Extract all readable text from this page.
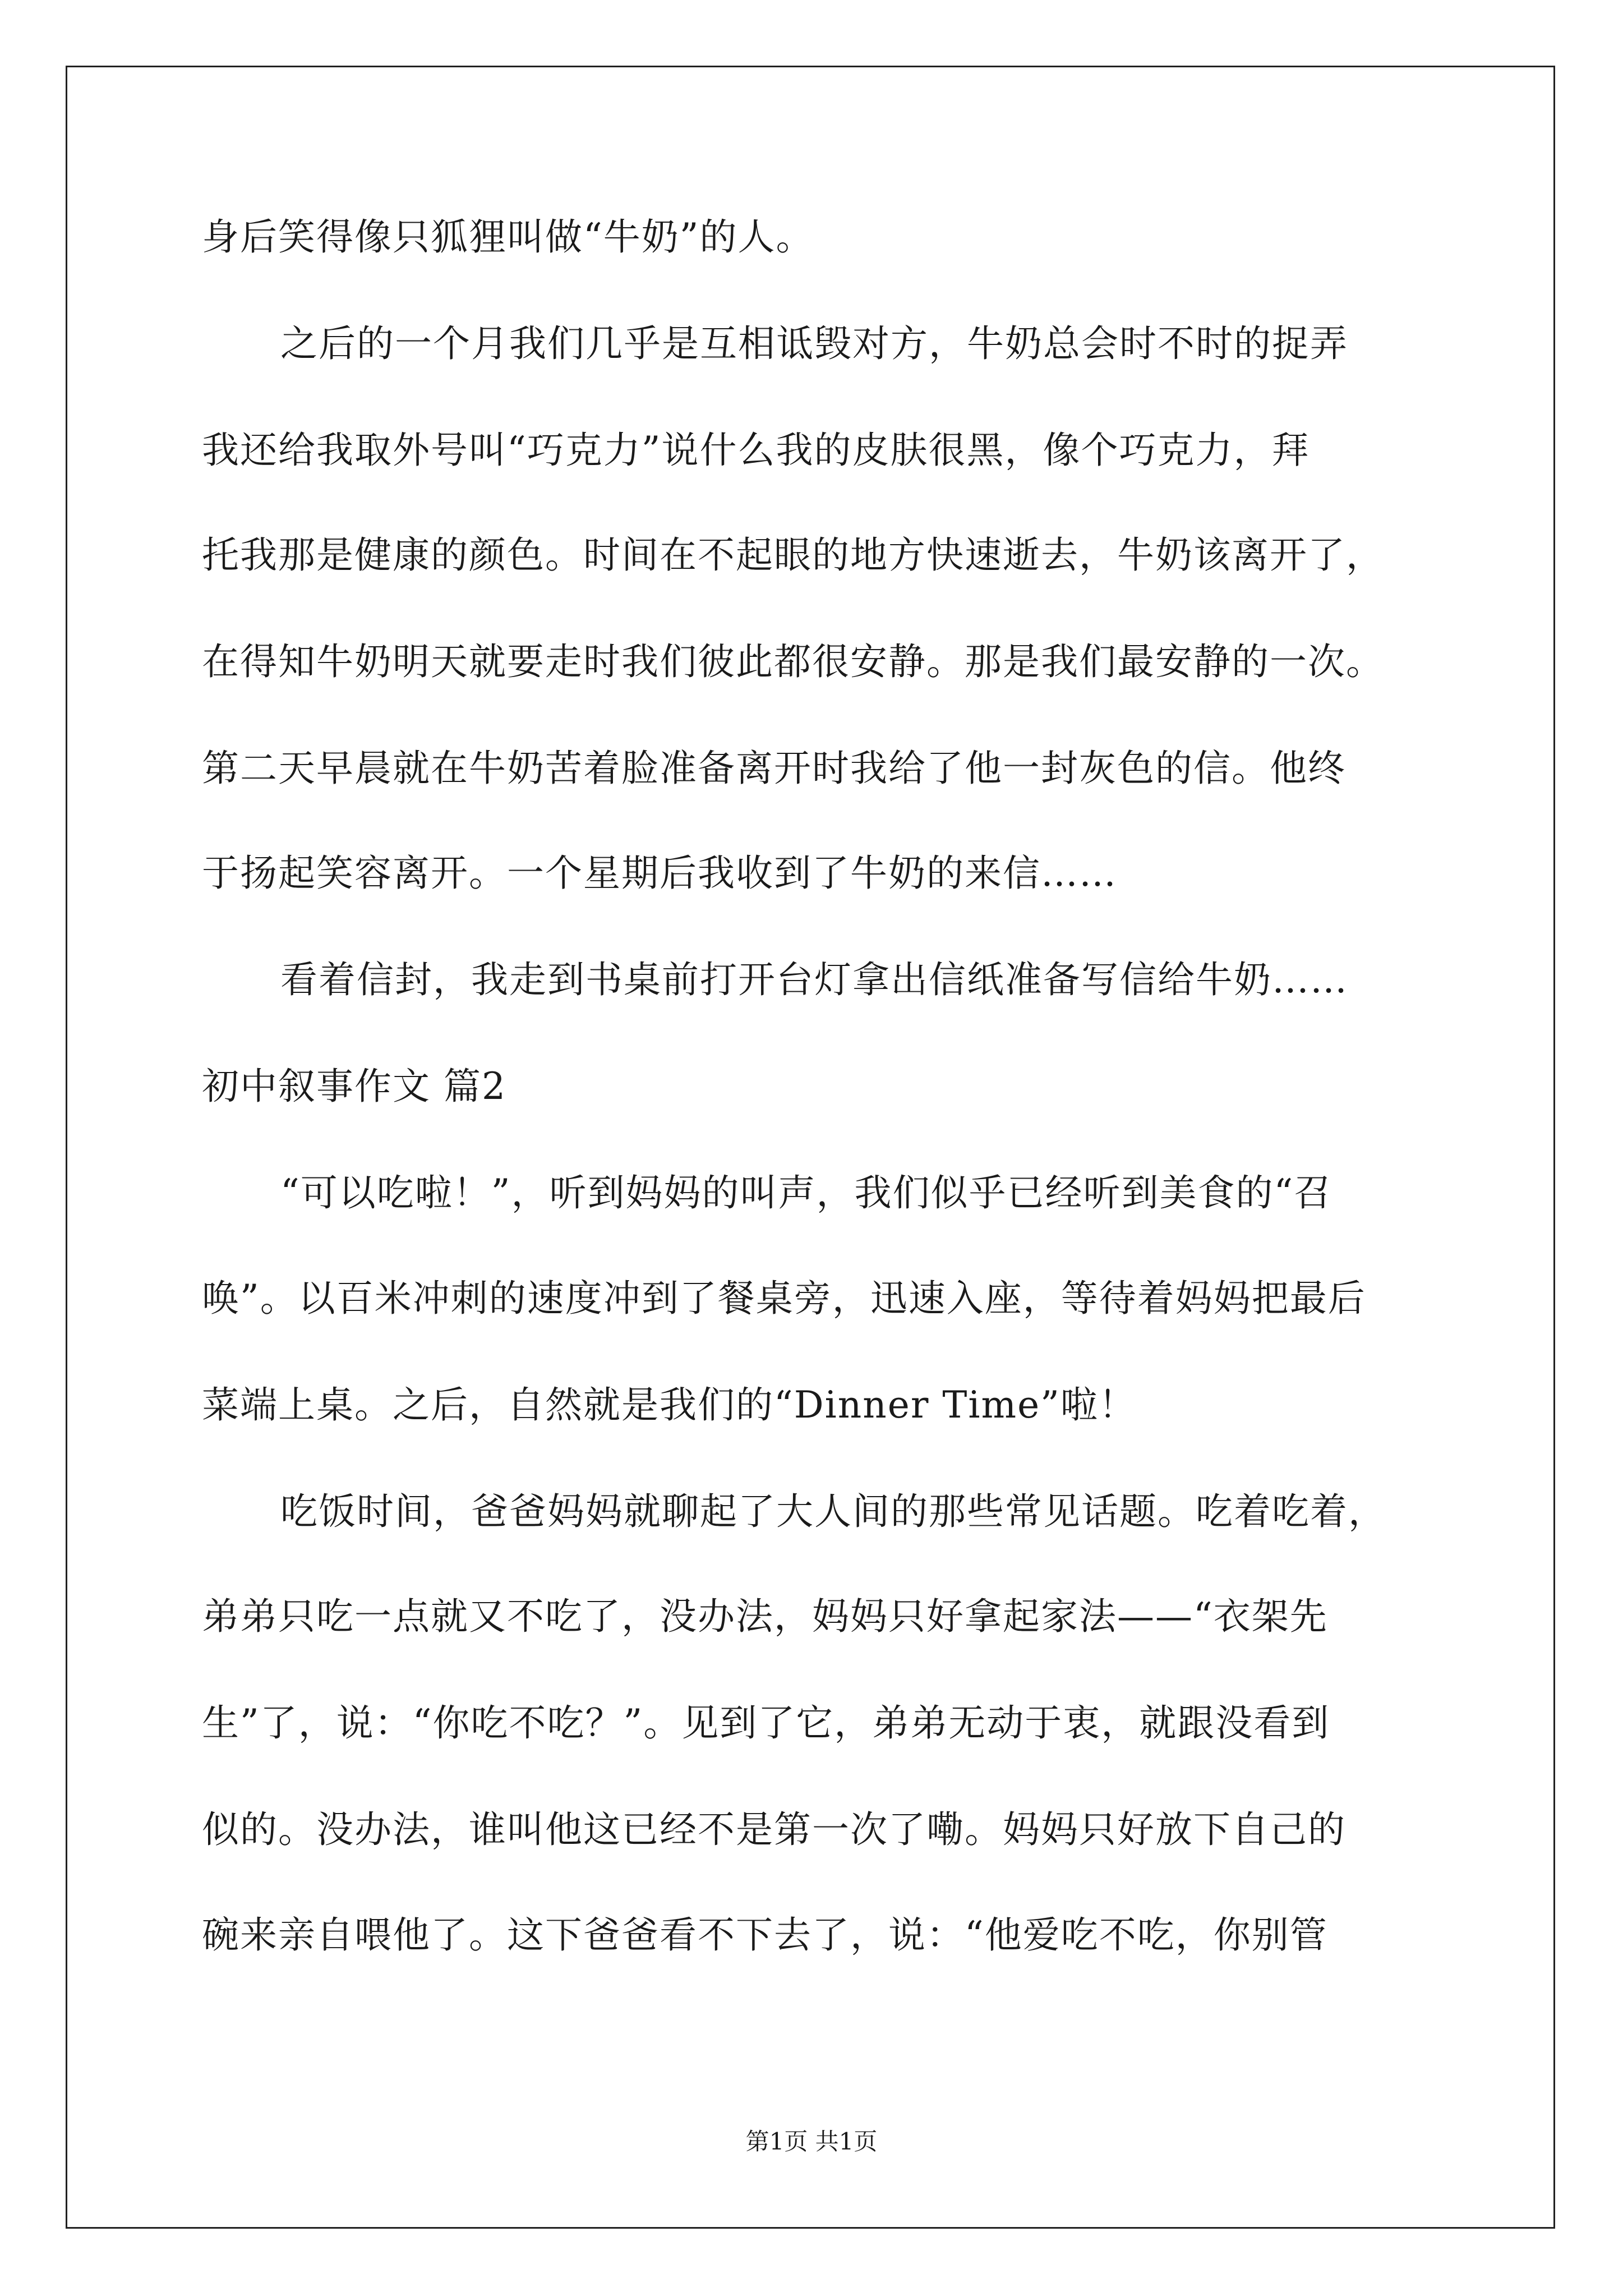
身后笑得像只狐狸叫做“牛奶”的人。
之后的一个月我们几乎是互相诋毁对方，牛奶总会时不时的捉弄
我还给我取外号叫“巧克力”说什么我的皮肤很黑，像个巧克力，拜
托我那是健康的颜色。时间在不起眼的地方快速逝去，牛奶该离开了，
在得知牛奶明天就要走时我们彼此都很安静。那是我们最安静的一次。
第二天早晨就在牛奶苦着脸准备离开时我给了他一封灰色的信。他终
于扬起笑容离开。一个星期后我收到了牛奶的来信……
看着信封，我走到书桌前打开台灯拿出信纸准备写信给牛奶……
初中叙事作文 篇2
“可以吃啦！”，听到妈妈的叫声，我们似乎已经听到美食的“召
唤”。以百米冲刺的速度冲到了餐桌旁，迅速入座，等待着妈妈把最后
菜端上桌。之后，自然就是我们的“Dinner Time”啦！
吃饭时间，爸爸妈妈就聊起了大人间的那些常见话题。吃着吃着，
弟弟只吃一点就又不吃了，没办法，妈妈只好拿起家法——“衣架先
生”了，说：“你吃不吃？”。见到了它，弟弟无动于衷，就跟没看到
似的。没办法，谁叫他这已经不是第一次了嘞。妈妈只好放下自己的
碗来亲自喂他了。这下爸爸看不下去了，说：“他爱吃不吃，你别管
第1页 共1页
